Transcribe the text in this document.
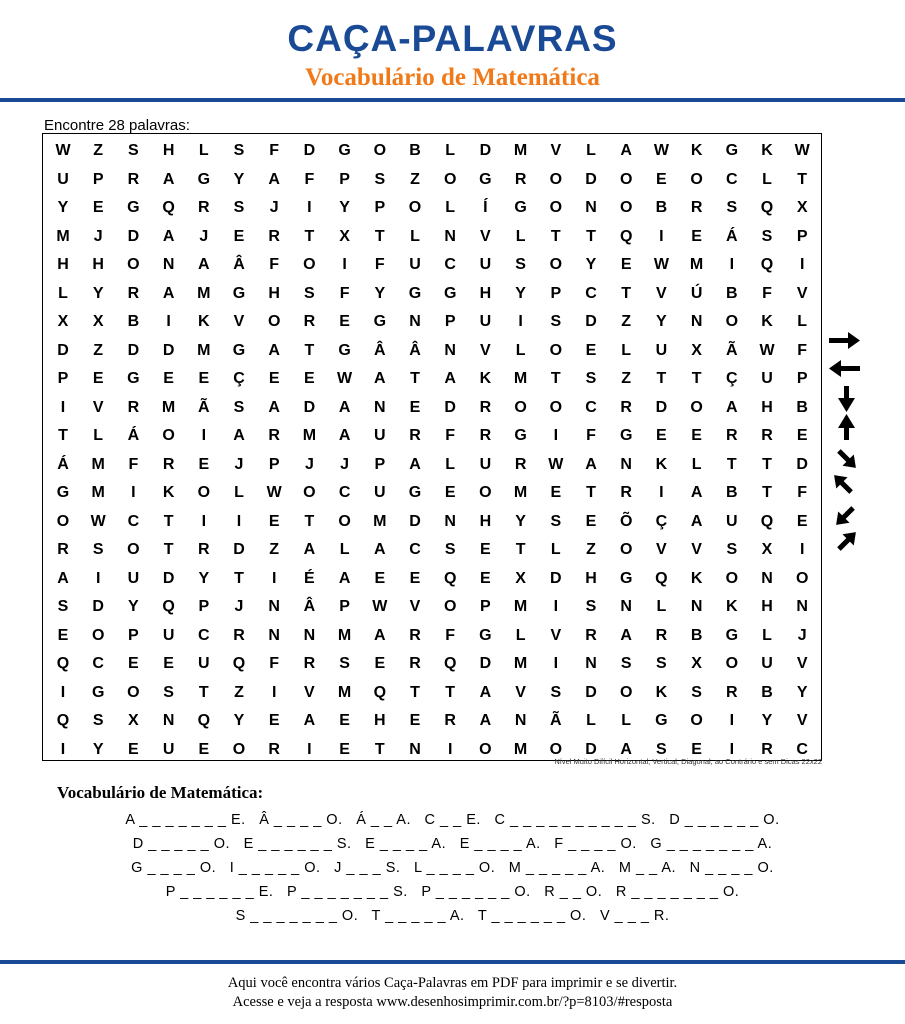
CAÇA-PALAVRAS
Vocabulário de Matemática
Encontre 28 palavras:
W	Z	S	H	L	S	F	D	G	O	B	L	D	M	V	L	A	W	K	G	K	W
U	P	R	A	G	Y	A	F	P	S	Z	O	G	R	O	D	O	E	O	C	L	T
Y	E	G	Q	R	S	J	I	Y	P	O	L	Í	G	O	N	O	B	R	S	Q	X
M	J	D	A	J	E	R	T	X	T	L	N	V	L	T	T	Q	I	E	Á	S	P
H	H	O	N	A	Â	F	O	I	F	U	C	U	S	O	Y	E	W	M	I	Q	I
L	Y	R	A	M	G	H	S	F	Y	G	G	H	Y	P	C	T	V	Ú	B	F	V
X	X	B	I	K	V	O	R	E	G	N	P	U	I	S	D	Z	Y	N	O	K	L
D	Z	D	D	M	G	A	T	G	Â	Â	N	V	L	O	E	L	U	X	Ã	W	F
P	E	G	E	E	Ç	E	E	W	A	T	A	K	M	T	S	Z	T	T	Ç	U	P
I	V	R	M	Ã	S	A	D	A	N	E	D	R	O	O	C	R	D	O	A	H	B
T	L	Á	O	I	A	R	M	A	U	R	F	R	G	I	F	G	E	E	R	R	E
Á	M	F	R	E	J	P	J	J	P	A	L	U	R	W	A	N	K	L	T	T	D
G	M	I	K	O	L	W	O	C	U	G	E	O	M	E	T	R	I	A	B	T	F
O	W	C	T	I	I	E	T	O	M	D	N	H	Y	S	E	Õ	Ç	A	U	Q	E
R	S	O	T	R	D	Z	A	L	A	C	S	E	T	L	Z	O	V	V	S	X	I
A	I	U	D	Y	T	I	É	A	E	E	Q	E	X	D	H	G	Q	K	O	N	O
S	D	Y	Q	P	J	N	Â	P	W	V	O	P	M	I	S	N	L	N	K	H	N
E	O	P	U	C	R	N	N	M	A	R	F	G	L	V	R	A	R	B	G	L	J
Q	C	E	E	U	Q	F	R	S	E	R	Q	D	M	I	N	S	S	X	O	U	V
I	G	O	S	T	Z	I	V	M	Q	T	T	A	V	S	D	O	K	S	R	B	Y
Q	S	X	N	Q	Y	E	A	E	H	E	R	A	N	Ã	L	L	G	O	I	Y	V
I	Y	E	U	E	O	R	I	E	T	N	I	O	M	O	D	A	S	E	I	R	C
Nível Muito Difícil Horizontal, Vertical, Diagonal, ao Contrário e sem Dicas 22x22
Vocabulário de Matemática:
A _ _ _ _ _ _ _ E.   Â _ _ _ _ O.   Á _ _ A.   C _ _ E.   C _ _ _ _ _ _ _ _ _ _ S.   D _ _ _ _ _ _ O.
D _ _ _ _ _ O.   E _ _ _ _ _ _ S.   E _ _ _ _ A.   E _ _ _ _ A.   F _ _ _ _ O.   G _ _ _ _ _ _ _ A.
G _ _ _ _ O.   I _ _ _ _ _ O.   J _ _ _ S.   L _ _ _ _ O.   M _ _ _ _ _ A.   M _ _ A.   N _ _ _ _ O.
P _ _ _ _ _ _ E.   P _ _ _ _ _ _ _ S.   P _ _ _ _ _ _ O.   R _ _ O.   R _ _ _ _ _ _ _ O.
S _ _ _ _ _ _ _ O.   T _ _ _ _ _ A.   T _ _ _ _ _ _ O.   V _ _ _ R.
Aqui você encontra vários Caça-Palavras em PDF para imprimir e se divertir.
Acesse e veja a resposta www.desenhosimprimir.com.br/?p=8103/#resposta
